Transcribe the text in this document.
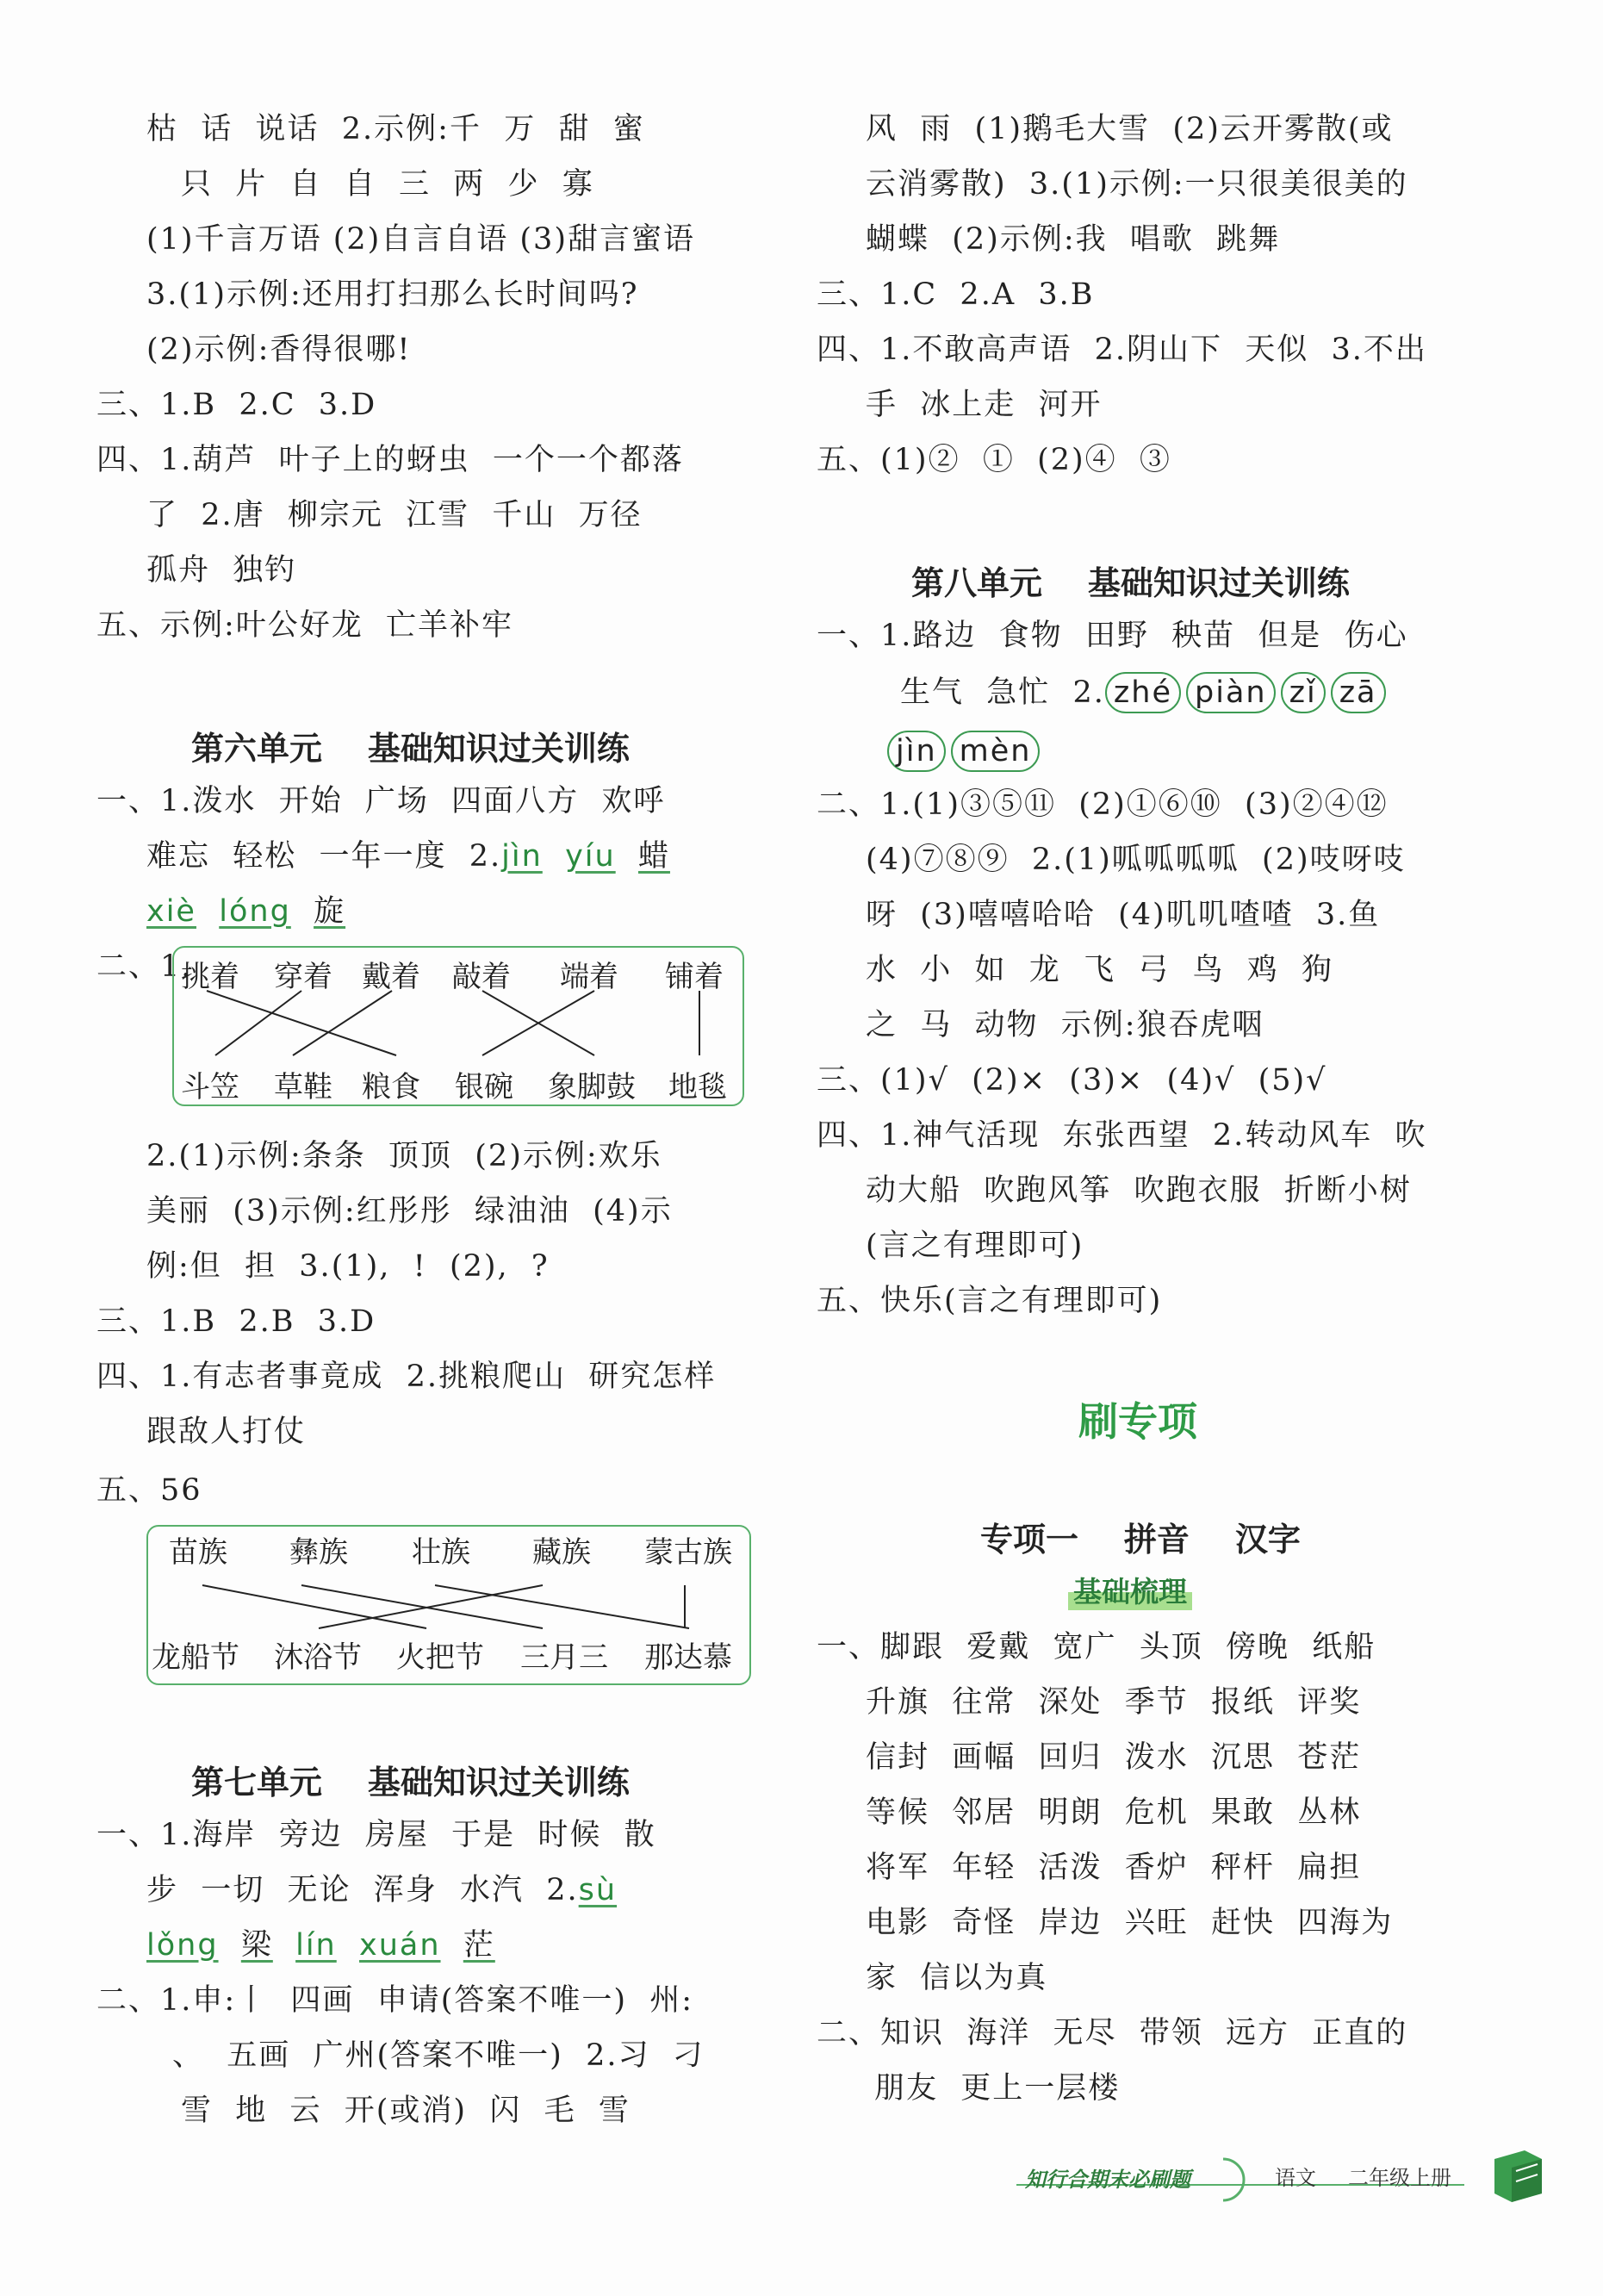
枯  话  说话  2.示例:千  万  甜  蜜
只  片  自  自  三  两  少  寡
(1)千言万语 (2)自言自语 (3)甜言蜜语
3.(1)示例:还用打扫那么长时间吗?
(2)示例:香得很哪!
三、1.B  2.C  3.D
四、1.葫芦  叶子上的蚜虫  一个一个都落
了  2.唐  柳宗元  江雪  千山  万径
孤舟  独钓
五、示例:叶公好龙  亡羊补牢
第六单元    基础知识过关训练
一、1.泼水  开始  广场  四面八方  欢呼
难忘  轻松  一年一度  2.jìn yíu 蜡
xiè lóng 旋
二、1.
2.(1)示例:条条  顶顶  (2)示例:欢乐
美丽  (3)示例:红彤彤  绿油油  (4)示
例:但  担  3.(1),  !  (2),  ?
三、1.B  2.B  3.D
四、1.有志者事竟成  2.挑粮爬山  研究怎样
跟敌人打仗
五、56
第七单元    基础知识过关训练
一、1.海岸  旁边  房屋  于是  时候  散
步  一切  无论  浑身  水汽  2.sù
lǒng 梁 lín xuán 茫
二、1.申:丨  四画  申请(答案不唯一)  州:
、  五画  广州(答案不唯一)  2.习  刁
雪  地  云  开(或消)  闪  毛  雪
风  雨  (1)鹅毛大雪  (2)云开雾散(或
云消雾散)  3.(1)示例:一只很美很美的
蝴蝶  (2)示例:我  唱歌  跳舞
三、1.C  2.A  3.B
四、1.不敢高声语  2.阴山下  天似  3.不出
手  冰上走  河开
五、(1)②  ①  (2)④  ③
第八单元    基础知识过关训练
一、1.路边  食物  田野  秧苗  但是  伤心
生气  急忙  2. zhé piàn zǐ zā
jìn mèn
二、1.(1)③⑤⑪  (2)①⑥⑩  (3)②④⑫
(4)⑦⑧⑨  2.(1)呱呱呱呱  (2)吱呀吱
呀  (3)嘻嘻哈哈  (4)叽叽喳喳  3.鱼
水  小  如  龙  飞  弓  鸟  鸡  狗
之  马  动物  示例:狼吞虎咽
三、(1)√  (2)×  (3)×  (4)√  (5)√
四、1.神气活现  东张西望  2.转动风车  吹
动大船  吹跑风筝  吹跑衣服  折断小树
(言之有理即可)
五、快乐(言之有理即可)
刷专项
专项一    拼音    汉字
基础梳理
一、脚跟  爱戴  宽广  头顶  傍晚  纸船
升旗  往常  深处  季节  报纸  评奖
信封  画幅  回归  泼水  沉思  苍茫
等候  邻居  明朗  危机  果敢  丛林
将军  年轻  活泼  香炉  秤杆  扁担
电影  奇怪  岸边  兴旺  赶快  四海为
家  信以为真
二、知识  海洋  无尽  带领  远方  正直的
朋友  更上一层楼
知行合期末必刷题	语文 二年级上册
挑着 穿着 戴着 敲着 端着 铺着
斗笠 草鞋 粮食 银碗 象脚鼓 地毯
苗族 彝族 壮族 藏族 蒙古族
龙船节 沐浴节 火把节 三月三 那达慕
